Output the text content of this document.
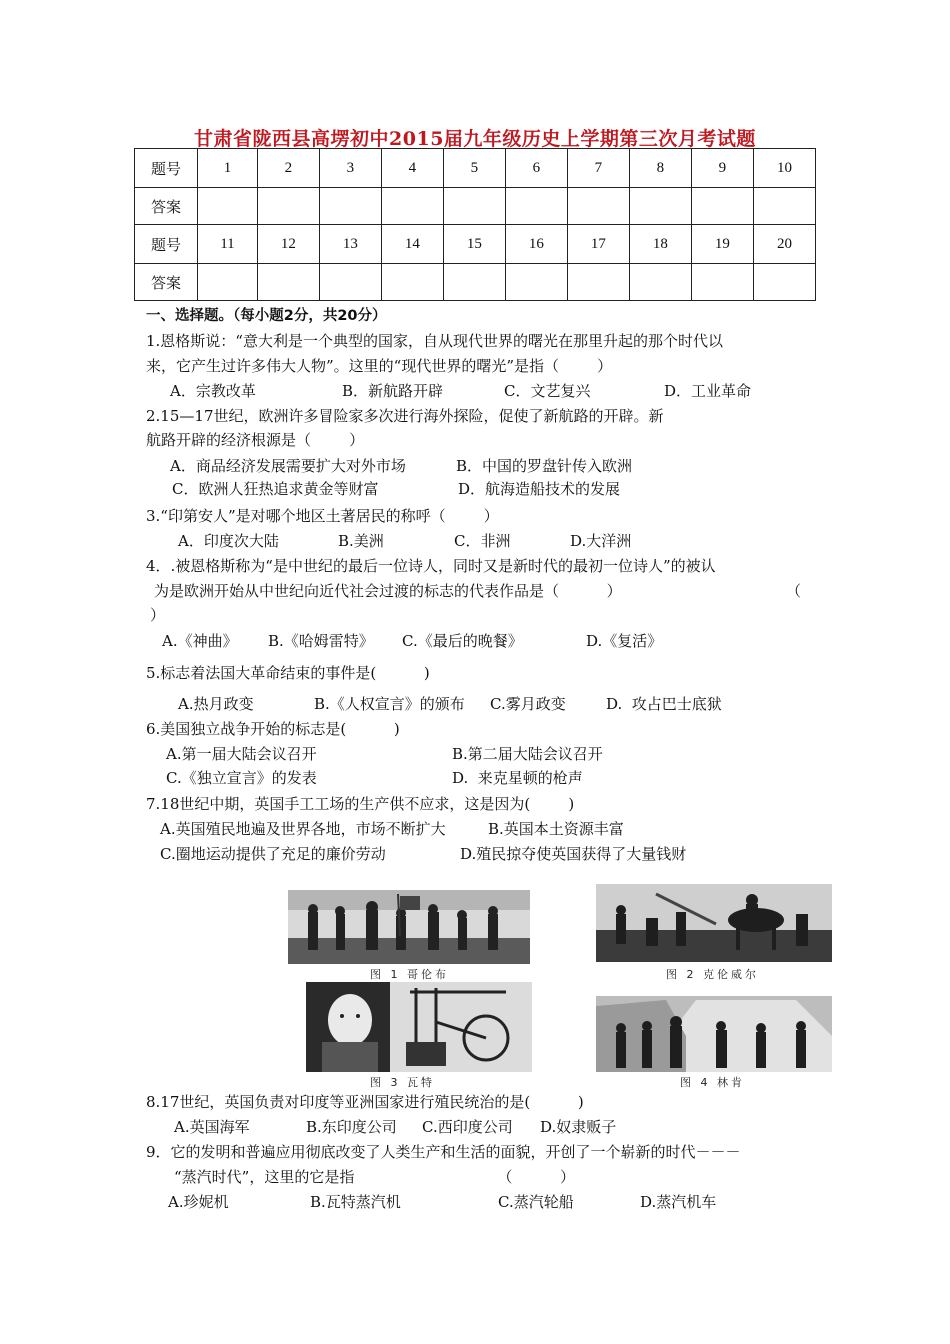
甘肃省陇西县高塄初中2015届九年级历史上学期第三次月考试题
题号	1	2	3	4	5	6	7	8	9	10
答案										
题号	11	12	13	14	15	16	17	18	19	20
答案										
一、选择题。（每小题2分，共20分）
1.恩格斯说：“意大利是一个典型的国家，自从现代世界的曙光在那里升起的那个时代以
来，它产生过许多伟大人物”。这里的“现代世界的曙光”是指（        ）
A．宗教改革	B．新航路开辟	C．文艺复兴	D．工业革命
2.15—17世纪，欧洲许多冒险家多次进行海外探险，促使了新航路的开辟。新
航路开辟的经济根源是（        ）
A．商品经济发展需要扩大对外市场	B．中国的罗盘针传入欧洲
C．欧洲人狂热追求黄金等财富	D．航海造船技术的发展
3.“印第安人”是对哪个地区土著居民的称呼（        ）
A．印度次大陆	B.美洲	C．非洲	D.大洋洲
4．.被恩格斯称为“是中世纪的最后一位诗人，同时又是新时代的最初一位诗人”的被认
为是欧洲开始从中世纪向近代社会过渡的标志的代表作品是（          ）	（
）
A.《神曲》 B.《哈姆雷特》 C.《最后的晚餐》	D.《复活》
5.标志着法国大革命结束的事件是(          )
A.热月政变	B.《人权宣言》的颁布 C.雾月政变	D.  攻占巴士底狱
6.美国独立战争开始的标志是(          )
A.第一届大陆会议召开	B.第二届大陆会议召开
C.《独立宣言》的发表	D.  来克星顿的枪声
7.18世纪中期，英国手工工场的生产供不应求，这是因为(        )
A.英国殖民地遍及世界各地，市场不断扩大	B.英国本土资源丰富
C.圈地运动提供了充足的廉价劳动	D.殖民掠夺使英国获得了大量钱财
图 1 哥伦布	图 2 克伦威尔
图 3 瓦特	图 4 林肯
8.17世纪，英国负责对印度等亚洲国家进行殖民统治的是(          )
A.英国海军	B.东印度公司 C.西印度公司 D.奴隶贩子
9．它的发明和普遍应用彻底改变了人类生产和生活的面貌，开创了一个崭新的时代－－－
“蒸汽时代”，这里的它是指                              （          ）
A.珍妮机	B.瓦特蒸汽机	C.蒸汽轮船	D.蒸汽机车
